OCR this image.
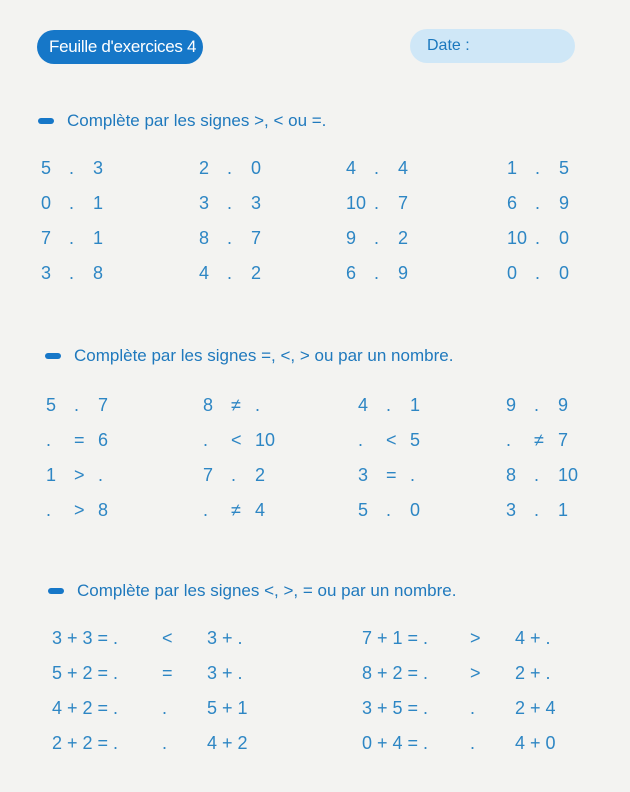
Feuille d'exercices 4	Date :
Complète par les signes >, < ou =.
5 . 3
0 . 1
7 . 1
3 . 8
2 . 0
3 . 3
8 . 7
4 . 2
4 . 4
10 . 7
9 . 2
6 . 9
1 . 5
6 . 9
10 . 0
0 . 0
Complète par les signes =, <, > ou par un nombre.
5 . 7
. = 6
1 > .
. > 8
8 ≠ .
. < 10
7 . 2
. ≠ 4
4 . 1
. < 5
3 = .
5 . 0
9 . 9
. ≠ 7
8 . 10
3 . 1
Complète par les signes <, >, = ou par un nombre.
3 + 3 = . < 3 + .
5 + 2 = . = 3 + .
4 + 2 = . . 5 + 1
2 + 2 = . . 4 + 2
7 + 1 = . > 4 + .
8 + 2 = . > 2 + .
3 + 5 = . . 2 + 4
0 + 4 = . . 4 + 0
